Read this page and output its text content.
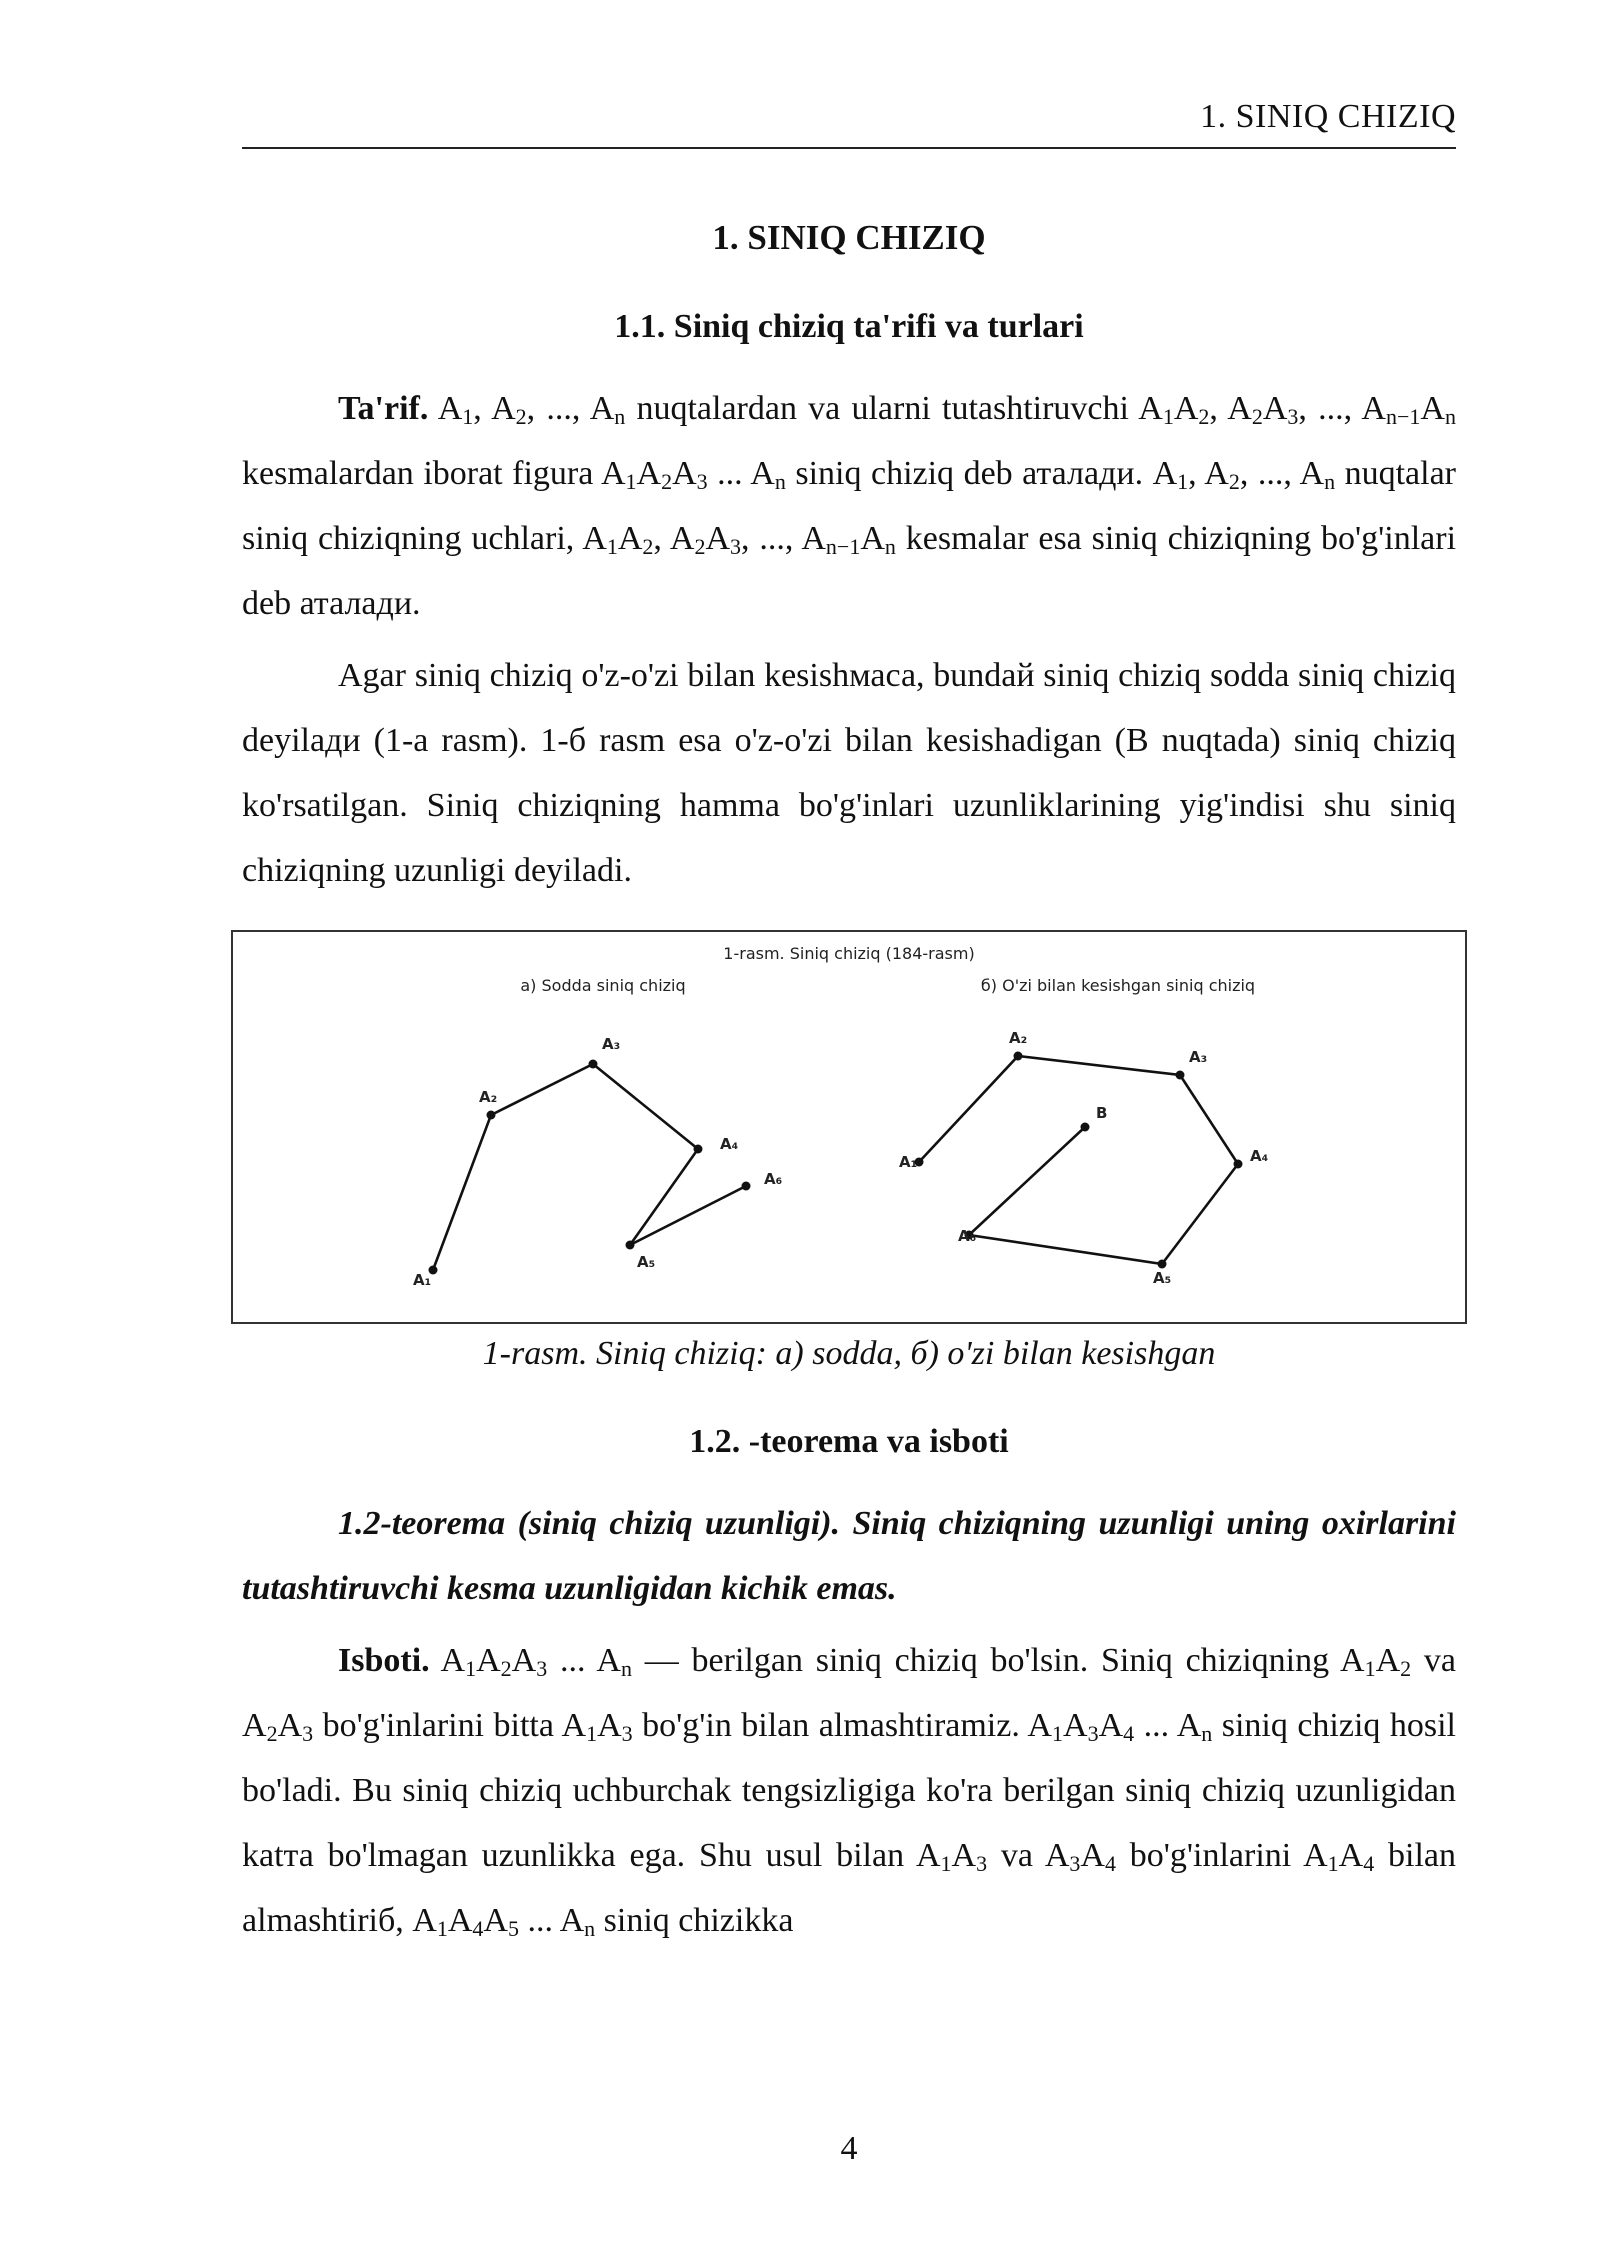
1. SINIQ CHIZIQ
1. SINIQ CHIZIQ
1.1. Siniq chiziq ta'rifi va turlari

Ta'rif. $A_1$, $A_2$, ..., $A_n$ nuqtalardan va ularni tutashtiruvchi $A_1A_2$, $A_2A_3$, ..., $A_{n-1}A_n$ kesmalardan iborat figura $A_1A_2A_3$ ... $A_n$ siniq chiziq deb аталади. $A_1$, $A_2$, ..., $A_n$ nuqtalar siniq chiziqning uchlari, $A_1A_2$, $A_2A_3$, ..., $A_{n-1}A_n$ kesmalar esa siniq chiziqning bo'g'inlari deb аталади.

Agar siniq chiziq o'z-o'zi bilan kesishмаса, bundaй siniq chiziq sodda siniq chiziq deyilади (1-a rasm). 1-б rasm esa o'z-o'zi bilan kesishadigan (B nuqtada) siniq chiziq ko'rsatilgan. Siniq chiziqning hamma bo'g'inlari uzunliklarining yig'indisi shu siniq chiziqning uzunligi deyiladi.

1-rasm. Siniq chiziq (184-rasm)
a) Sodda siniq chiziq	б) O'zi bilan kesishgan siniq chiziq
A₁
A₂
A₃
A₄
A₅
A₆
A₁
A₂
A₃
A₄
A₅
A₆
B
1-rasm. Siniq chiziq: a) sodda, б) o'zi bilan kesishgan
1.2. -teorema va isboti

1.2-teorema (siniq chiziq uzunligi). Siniq chiziqning uzunligi uning oxirlarini tutashtiruvchi kesma uzunligidan kichik emas.

Isboti. $A_1A_2A_3$ ... $A_n$ — berilgan siniq chiziq bo'lsin. Siniq chiziqning $A_1A_2$ va $A_2A_3$ bo'g'inlarini bitta $A_1A_3$ bo'g'in bilan almashtiramiz. $A_1A_3A_4$ ... $A_n$ siniq chiziq hosil bo'ladi. Bu siniq chiziq uchburchak tengsizligiga ko'ra berilgan siniq chiziq uzunligidan katта bo'lmagan uzunlikka ega. Shu usul bilan $A_1A_3$ va $A_3A_4$ bo'g'inlarini $A_1A_4$ bilan almashtiriб, $A_1A_4A_5$ ... $A_n$ siniq chizikka

4
